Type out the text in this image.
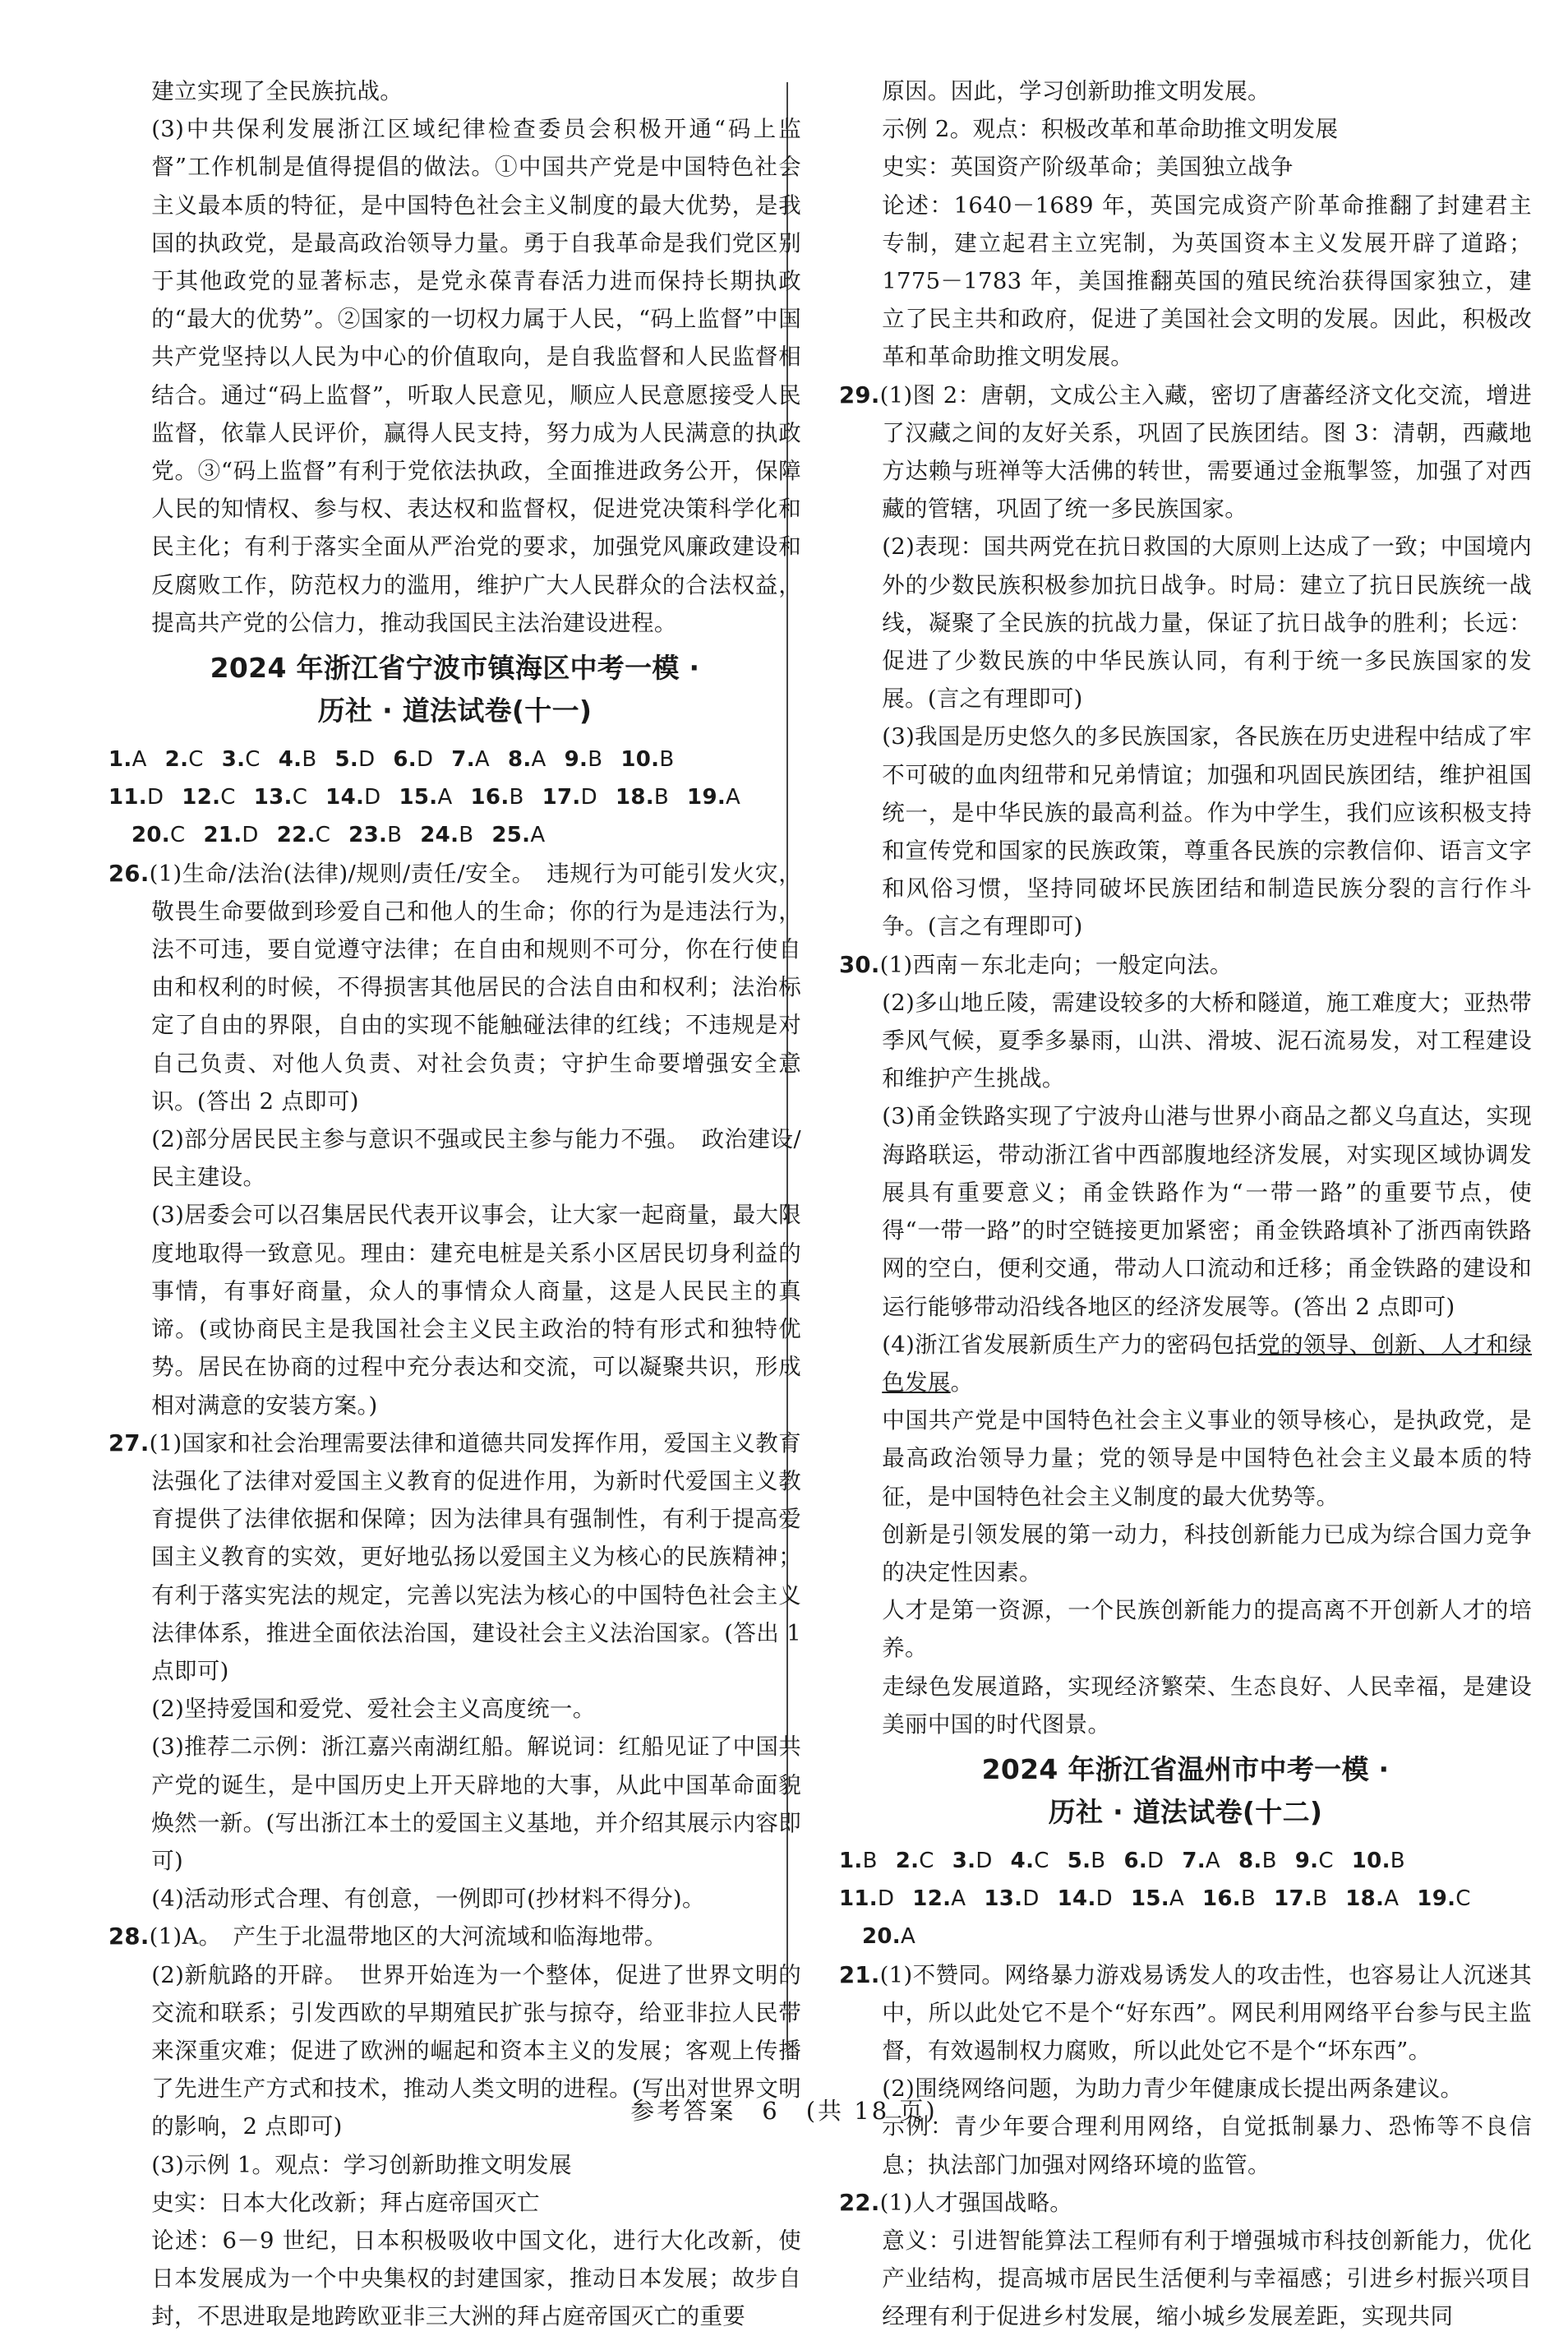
建立实现了全民族抗战。

(3)中共保利发展浙江区域纪律检查委员会积极开通“码上监督”工作机制是值得提倡的做法。①中国共产党是中国特色社会主义最本质的特征，是中国特色社会主义制度的最大优势，是我国的执政党，是最高政治领导力量。勇于自我革命是我们党区别于其他政党的显著标志，是党永葆青春活力进而保持长期执政的“最大的优势”。②国家的一切权力属于人民，“码上监督”中国共产党坚持以人民为中心的价值取向，是自我监督和人民监督相结合。通过“码上监督”，听取人民意见，顺应人民意愿接受人民监督，依靠人民评价，赢得人民支持，努力成为人民满意的执政党。③“码上监督”有利于党依法执政，全面推进政务公开，保障人民的知情权、参与权、表达权和监督权，促进党决策科学化和民主化；有利于落实全面从严治党的要求，加强党风廉政建设和反腐败工作，防范权力的滥用，维护广大人民群众的合法权益，提高共产党的公信力，推动我国民主法治建设进程。

2024 年浙江省宁波市镇海区中考一模 ·
历社 · 道法试卷(十一)
1.A 2.C 3.C 4.B 5.D 6.D 7.A 8.A 9.B 10.B
11.D 12.C 13.C 14.D 15.A 16.B 17.D 18.B 19.A
20.C 21.D 22.C 23.B 24.B 25.A

26.(1)生命/法治(法律)/规则/责任/安全。　违规行为可能引发火灾，敬畏生命要做到珍爱自己和他人的生命；你的行为是违法行为，法不可违，要自觉遵守法律；在自由和规则不可分，你在行使自由和权利的时候，不得损害其他居民的合法自由和权利；法治标定了自由的界限，自由的实现不能触碰法律的红线；不违规是对自己负责、对他人负责、对社会负责；守护生命要增强安全意识。(答出 2 点即可)

(2)部分居民民主参与意识不强或民主参与能力不强。　政治建设/民主建设。

(3)居委会可以召集居民代表开议事会，让大家一起商量，最大限度地取得一致意见。理由：建充电桩是关系小区居民切身利益的事情，有事好商量，众人的事情众人商量，这是人民民主的真谛。(或协商民主是我国社会主义民主政治的特有形式和独特优势。居民在协商的过程中充分表达和交流，可以凝聚共识，形成相对满意的安装方案。)

27.(1)国家和社会治理需要法律和道德共同发挥作用，爱国主义教育法强化了法律对爱国主义教育的促进作用，为新时代爱国主义教育提供了法律依据和保障；因为法律具有强制性，有利于提高爱国主义教育的实效，更好地弘扬以爱国主义为核心的民族精神；有利于落实宪法的规定，完善以宪法为核心的中国特色社会主义法律体系，推进全面依法治国，建设社会主义法治国家。(答出 1 点即可)

(2)坚持爱国和爱党、爱社会主义高度统一。

(3)推荐二示例：浙江嘉兴南湖红船。解说词：红船见证了中国共产党的诞生，是中国历史上开天辟地的大事，从此中国革命面貌焕然一新。(写出浙江本土的爱国主义基地，并介绍其展示内容即可)

(4)活动形式合理、有创意，一例即可(抄材料不得分)。

28.(1)A。　产生于北温带地区的大河流域和临海地带。

(2)新航路的开辟。　世界开始连为一个整体，促进了世界文明的交流和联系；引发西欧的早期殖民扩张与掠夺，给亚非拉人民带来深重灾难；促进了欧洲的崛起和资本主义的发展；客观上传播了先进生产方式和技术，推动人类文明的进程。(写出对世界文明的影响，2 点即可)

(3)示例 1。观点：学习创新助推文明发展

史实：日本大化改新；拜占庭帝国灭亡

论述：6－9 世纪，日本积极吸收中国文化，进行大化改新，使日本发展成为一个中央集权的封建国家，推动日本发展；故步自封，不思进取是地跨欧亚非三大洲的拜占庭帝国灭亡的重要

原因。因此，学习创新助推文明发展。

示例 2。观点：积极改革和革命助推文明发展

史实：英国资产阶级革命；美国独立战争

论述：1640－1689 年，英国完成资产阶革命推翻了封建君主专制，建立起君主立宪制，为英国资本主义发展开辟了道路；1775－1783 年，美国推翻英国的殖民统治获得国家独立，建立了民主共和政府，促进了美国社会文明的发展。因此，积极改革和革命助推文明发展。

29.(1)图 2：唐朝，文成公主入藏，密切了唐蕃经济文化交流，增进了汉藏之间的友好关系，巩固了民族团结。图 3：清朝，西藏地方达赖与班禅等大活佛的转世，需要通过金瓶掣签，加强了对西藏的管辖，巩固了统一多民族国家。

(2)表现：国共两党在抗日救国的大原则上达成了一致；中国境内外的少数民族积极参加抗日战争。时局：建立了抗日民族统一战线，凝聚了全民族的抗战力量，保证了抗日战争的胜利；长远：促进了少数民族的中华民族认同，有利于统一多民族国家的发展。(言之有理即可)

(3)我国是历史悠久的多民族国家，各民族在历史进程中结成了牢不可破的血肉纽带和兄弟情谊；加强和巩固民族团结，维护祖国统一，是中华民族的最高利益。作为中学生，我们应该积极支持和宣传党和国家的民族政策，尊重各民族的宗教信仰、语言文字和风俗习惯，坚持同破坏民族团结和制造民族分裂的言行作斗争。(言之有理即可)

30.(1)西南－东北走向；一般定向法。

(2)多山地丘陵，需建设较多的大桥和隧道，施工难度大；亚热带季风气候，夏季多暴雨，山洪、滑坡、泥石流易发，对工程建设和维护产生挑战。

(3)甬金铁路实现了宁波舟山港与世界小商品之都义乌直达，实现海路联运，带动浙江省中西部腹地经济发展，对实现区域协调发展具有重要意义；甬金铁路作为“一带一路”的重要节点，使得“一带一路”的时空链接更加紧密；甬金铁路填补了浙西南铁路网的空白，便利交通，带动人口流动和迁移；甬金铁路的建设和运行能够带动沿线各地区的经济发展等。(答出 2 点即可)

(4)浙江省发展新质生产力的密码包括党的领导、创新、人才和绿色发展。

中国共产党是中国特色社会主义事业的领导核心，是执政党，是最高政治领导力量；党的领导是中国特色社会主义最本质的特征，是中国特色社会主义制度的最大优势等。

创新是引领发展的第一动力，科技创新能力已成为综合国力竞争的决定性因素。

人才是第一资源，一个民族创新能力的提高离不开创新人才的培养。

走绿色发展道路，实现经济繁荣、生态良好、人民幸福，是建设美丽中国的时代图景。

2024 年浙江省温州市中考一模 ·
历社 · 道法试卷(十二)
1.B 2.C 3.D 4.C 5.B 6.D 7.A 8.B 9.C 10.B
11.D 12.A 13.D 14.D 15.A 16.B 17.B 18.A 19.C
20.A

21.(1)不赞同。网络暴力游戏易诱发人的攻击性，也容易让人沉迷其中，所以此处它不是个“好东西”。网民利用网络平台参与民主监督，有效遏制权力腐败，所以此处它不是个“坏东西”。

(2)围绕网络问题，为助力青少年健康成长提出两条建议。

示例：青少年要合理利用网络，自觉抵制暴力、恐怖等不良信息；执法部门加强对网络环境的监管。

22.(1)人才强国战略。

意义：引进智能算法工程师有利于增强城市科技创新能力，优化产业结构，提高城市居民生活便利与幸福感；引进乡村振兴项目经理有利于促进乡村发展，缩小城乡发展差距，实现共同

参考答案　6　(共 18 页)
